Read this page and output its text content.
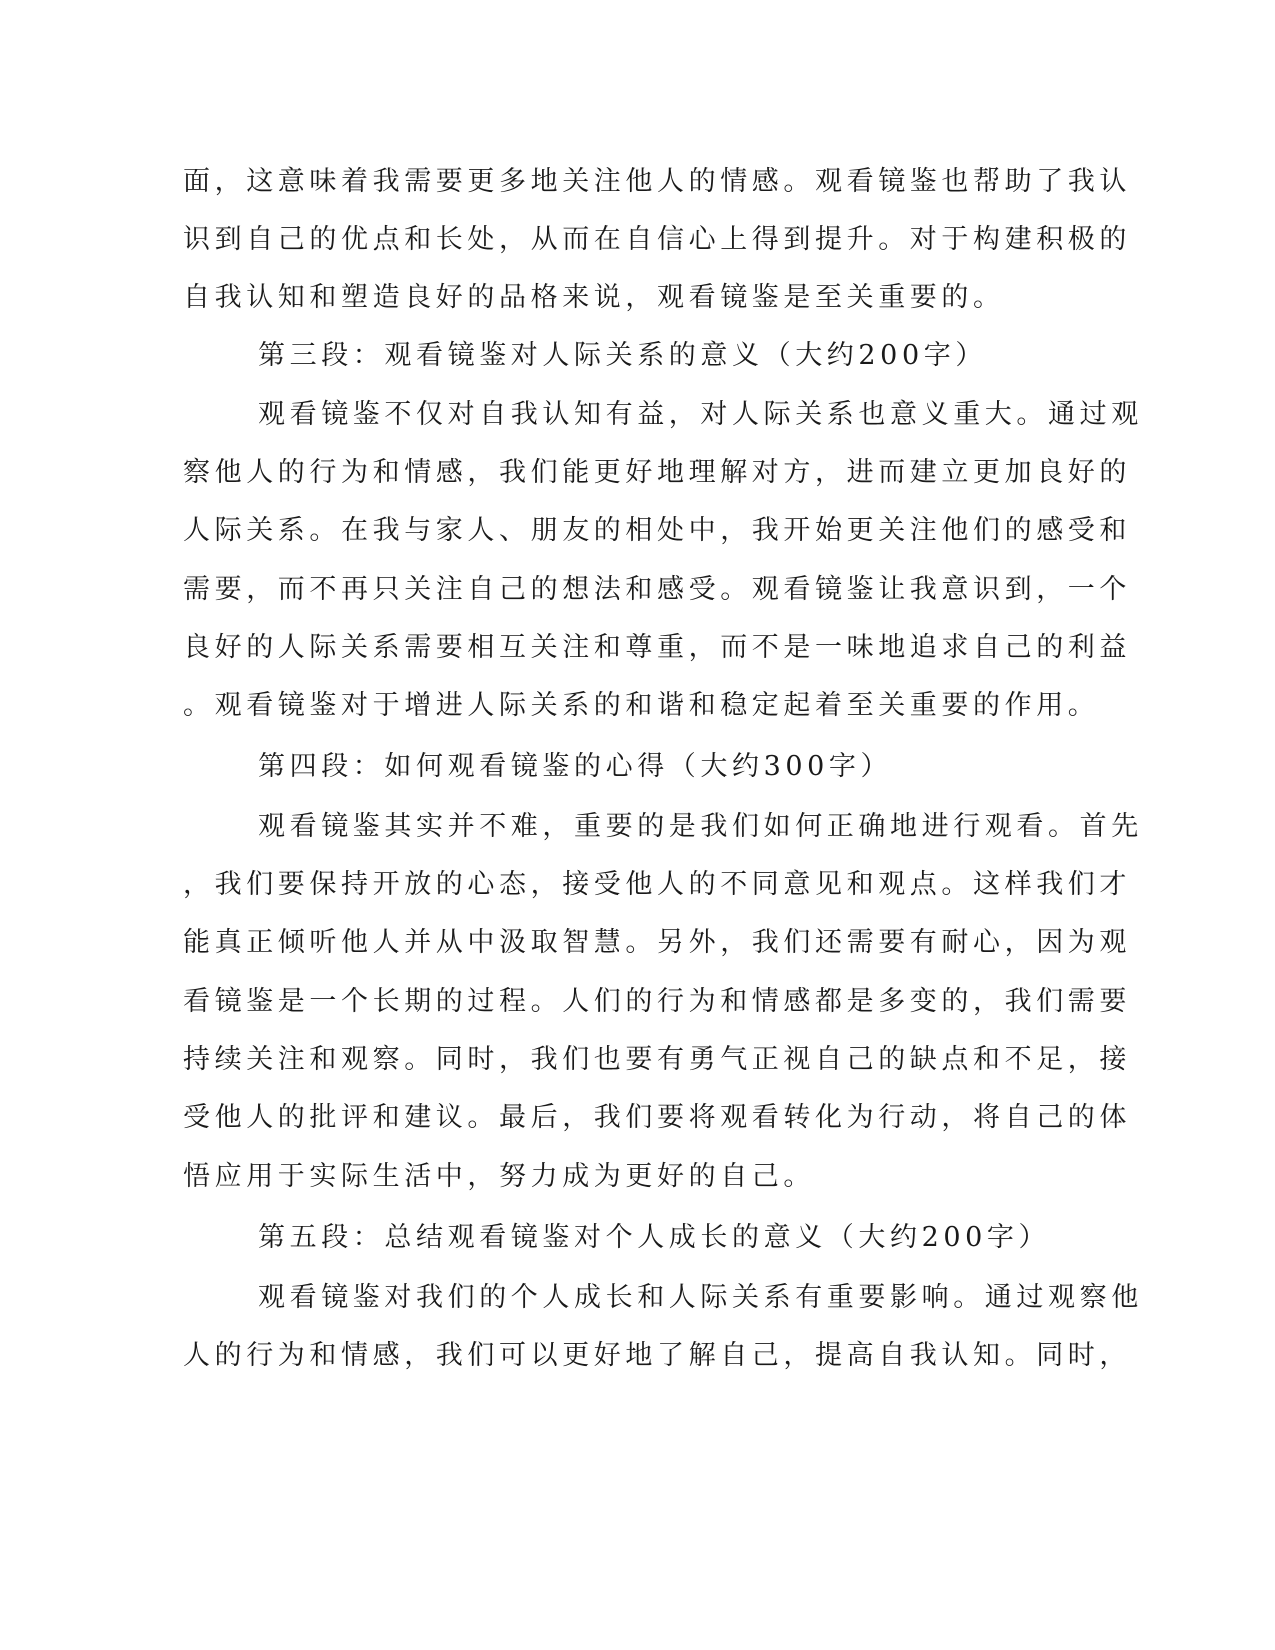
面，这意味着我需要更多地关注他人的情感。观看镜鉴也帮助了我认
识到自己的优点和长处，从而在自信心上得到提升。对于构建积极的
自我认知和塑造良好的品格来说，观看镜鉴是至关重要的。
第三段：观看镜鉴对人际关系的意义（大约200字）
观看镜鉴不仅对自我认知有益，对人际关系也意义重大。通过观
察他人的行为和情感，我们能更好地理解对方，进而建立更加良好的
人际关系。在我与家人、朋友的相处中，我开始更关注他们的感受和
需要，而不再只关注自己的想法和感受。观看镜鉴让我意识到，一个
良好的人际关系需要相互关注和尊重，而不是一味地追求自己的利益
。观看镜鉴对于增进人际关系的和谐和稳定起着至关重要的作用。
第四段：如何观看镜鉴的心得（大约300字）
观看镜鉴其实并不难，重要的是我们如何正确地进行观看。首先
，我们要保持开放的心态，接受他人的不同意见和观点。这样我们才
能真正倾听他人并从中汲取智慧。另外，我们还需要有耐心，因为观
看镜鉴是一个长期的过程。人们的行为和情感都是多变的，我们需要
持续关注和观察。同时，我们也要有勇气正视自己的缺点和不足，接
受他人的批评和建议。最后，我们要将观看转化为行动，将自己的体
悟应用于实际生活中，努力成为更好的自己。
第五段：总结观看镜鉴对个人成长的意义（大约200字）
观看镜鉴对我们的个人成长和人际关系有重要影响。通过观察他
人的行为和情感，我们可以更好地了解自己，提高自我认知。同时，
